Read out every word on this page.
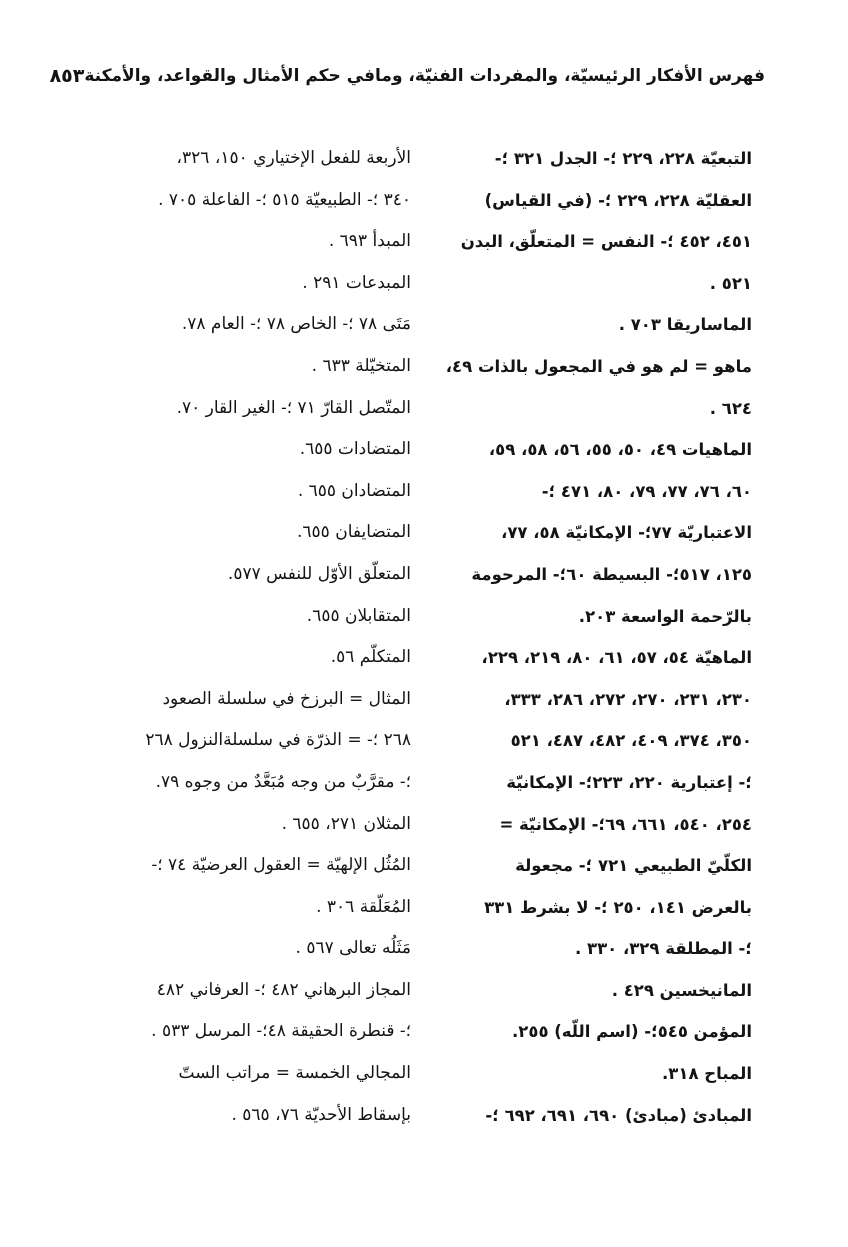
فهرس الأفكار الرئيسيّة، والمفردات الفنيّة، ومافي حكم الأمثال والقواعد، والأمكنة
٨٥٣
التبعيّة ٢٢٨، ٢٢٩ ؛- الجدل ٣٢١ ؛-
العقليّة ٢٢٨، ٢٢٩ ؛- (في القياس)
٤٥١، ٤٥٢ ؛- النفس = المتعلّق، البدن
٥٢١ .
الماساريقا ٧٠٣ .
ماهو = لم هو في المجعول بالذات ٤٩،
٦٢٤ .
الماهيات ٤٩، ٥٠، ٥٥، ٥٦، ٥٨، ٥٩،
٦٠، ٧٦، ٧٧، ٧٩، ٨٠، ٤٧١ ؛-
الاعتباريّة ٧٧؛- الإمكانيّة ٥٨، ٧٧،
١٢٥، ٥١٧؛- البسيطة ٦٠؛- المرحومة
بالرّحمة الواسعة ٢٠٣.
الماهيّة ٥٤، ٥٧، ٦١، ٨٠، ٢١٩، ٢٢٩،
٢٣٠، ٢٣١، ٢٧٠، ٢٧٢، ٢٨٦، ٣٣٣،
٣٥٠، ٣٧٤، ٤٠٩، ٤٨٢، ٤٨٧، ٥٢١
؛- إعتبارية ٢٢٠، ٢٢٣؛- الإمكانيّة
٢٥٤، ٥٤٠، ٦٦١، ٦٩؛- الإمكانيّة =
الكلّيّ الطبيعي ٧٢١ ؛- مجعولة
بالعرض ١٤١، ٢٥٠ ؛- لا بشرط ٣٣١
؛- المطلقة ٣٢٩، ٣٣٠ .
المانيخسين ٤٢٩ .
المؤمن ٥٤٥؛- (اسم اللّه) ٢٥٥.
المباح ٣١٨.
المبادئ (مبادئ) ٦٩٠، ٦٩١، ٦٩٢ ؛-
الأربعة للفعل الإختياري ١٥٠، ٣٢٦،
٣٤٠ ؛- الطبيعيّة ٥١٥ ؛- الفاعلة ٧٠٥ .
المبدأ ٦٩٣ .
المبدعات ٢٩١ .
مَتَى ٧٨ ؛- الخاص ٧٨ ؛- العام ٧٨.
المتخيّلة ٦٣٣ .
المتّصل القارّ ٧١ ؛- الغير القار ٧٠.
المتضادات ٦٥٥.
المتضادان ٦٥٥ .
المتضايفان ٦٥٥.
المتعلّق الأوّل للنفس ٥٧٧.
المتقابلان ٦٥٥.
المتكلّم ٥٦.
المثال = البرزخ في سلسلة الصعود
٢٦٨ ؛- = الذرّة في سلسلةالنزول ٢٦٨
؛- مقرَّبٌ من وجه مُبَعَّدٌ من وجوه ٧٩.
المثلان ٢٧١، ٦٥٥ .
المُثُل الإلهيّة = العقول العرضيّة ٧٤ ؛-
المُعَلّقة ٣٠٦ .
مَثَلُه تعالى ٥٦٧ .
المجاز البرهاني ٤٨٢ ؛- العرفاني ٤٨٢
؛- قنطرة الحقيقة ٤٨؛- المرسل ٥٣٣ .
المجالي الخمسة = مراتب الستّ
بإسقاط الأحديّة ٧٦، ٥٦٥ .
